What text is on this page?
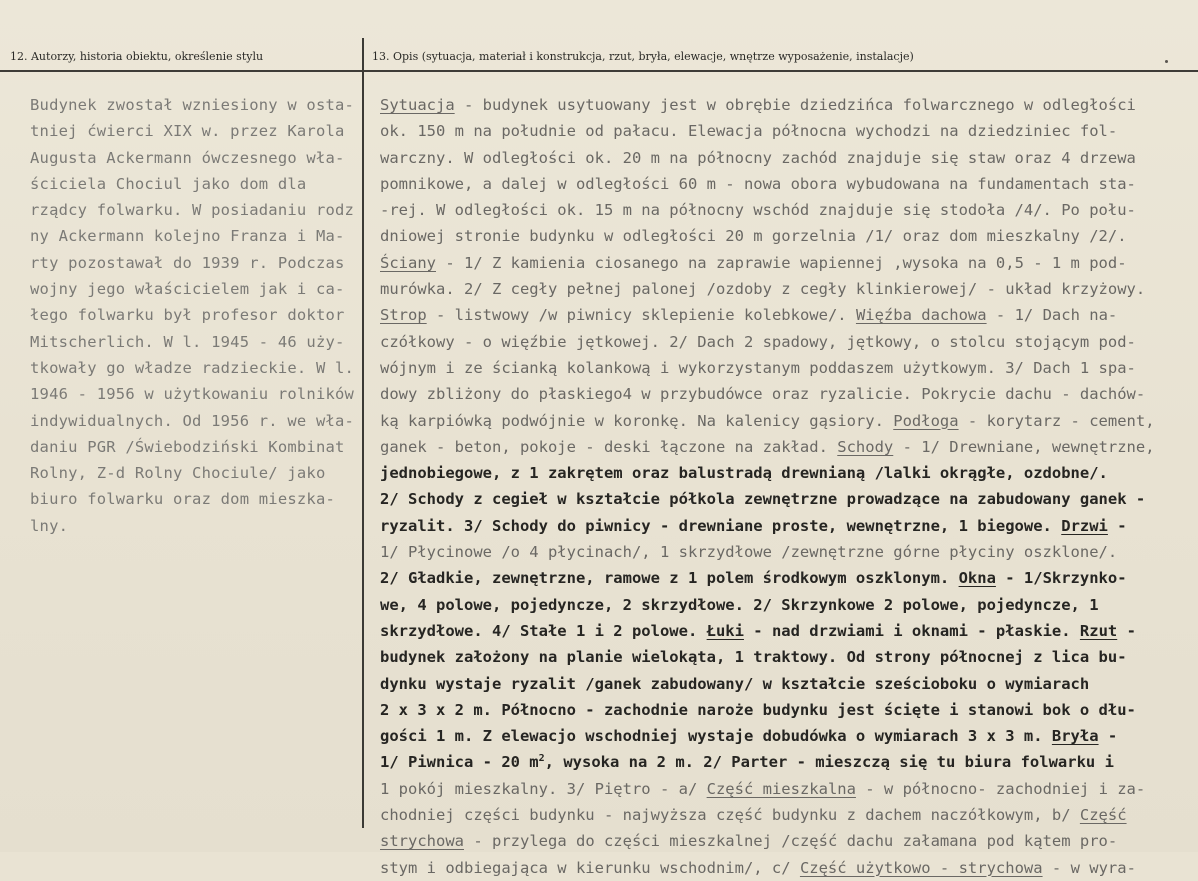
12. Autorzy, historia obiektu, określenie stylu	13. Opis (sytuacja, materiał i konstrukcja, rzut, bryła, elewacje, wnętrze wyposażenie, instalacje)
Budynek zwostał wzniesiony w osta-
tniej ćwierci XIX w. przez Karola
Augusta Ackermann ówczesnego wła-
ściciela Chociul jako dom dla
rządcy folwarku. W posiadaniu rodz
ny Ackermann kolejno Franza i Ma-
rty pozostawał do 1939 r. Podczas
wojny jego właścicielem jak i ca-
łego folwarku był profesor doktor
Mitscherlich. W l. 1945 - 46 uży-
tkowały go władze radzieckie. W l.
1946 - 1956 w użytkowaniu rolników
indywidualnych. Od 1956 r. we wła-
daniu PGR /Świebodziński Kombinat
Rolny, Z-d Rolny Chociule/ jako
biuro folwarku oraz dom mieszka-
lny.
Sytuacja - budynek usytuowany jest w obrębie dziedzińca folwarcznego w odległości
ok. 150 m na południe od pałacu. Elewacja północna wychodzi na dziedziniec fol-
warczny. W odległości ok. 20 m na północny zachód znajduje się staw oraz 4 drzewa
pomnikowe, a dalej w odległości 60 m - nowa obora wybudowana na fundamentach sta-
-rej. W odległości ok. 15 m na północny wschód znajduje się stodoła /4/. Po połu-
dniowej stronie budynku w odległości 20 m gorzelnia /1/ oraz dom mieszkalny /2/.
Ściany - 1/ Z kamienia ciosanego na zaprawie wapiennej ,wysoka na 0,5 - 1 m pod-
murówka. 2/ Z cegły pełnej palonej /ozdoby z cegły klinkierowej/ - układ krzyżowy.
Strop - listwowy /w piwnicy sklepienie kolebkowe/. Więźba dachowa - 1/ Dach na-
czółkowy - o więźbie jętkowej. 2/ Dach 2 spadowy, jętkowy, o stolcu stojącym pod-
wójnym i ze ścianką kolankową i wykorzystanym poddaszem użytkowym. 3/ Dach 1 spa-
dowy zbliżony do płaskiego4 w przybudówce oraz ryzalicie. Pokrycie dachu - dachów-
ką karpiówką podwójnie w koronkę. Na kalenicy gąsiory. Podłoga - korytarz - cement,
ganek - beton, pokoje - deski łączone na zakład. Schody - 1/ Drewniane, wewnętrzne,
jednobiegowe, z 1 zakrętem oraz balustradą drewnianą /lalki okrągłe, ozdobne/.
2/ Schody z cegieł w kształcie półkola zewnętrzne prowadzące na zabudowany ganek -
ryzalit. 3/ Schody do piwnicy - drewniane proste, wewnętrzne, 1 biegowe. Drzwi -
1/ Płycinowe /o 4 płycinach/, 1 skrzydłowe /zewnętrzne górne płyciny oszklone/.
2/ Gładkie, zewnętrzne, ramowe z 1 polem środkowym oszklonym. Okna - 1/Skrzynko-
we, 4 polowe, pojedyncze, 2 skrzydłowe. 2/ Skrzynkowe 2 polowe, pojedyncze, 1
skrzydłowe. 4/ Stałe 1 i 2 polowe. Łuki - nad drzwiami i oknami - płaskie. Rzut -
budynek założony na planie wielokąta, 1 traktowy. Od strony północnej z lica bu-
dynku wystaje ryzalit /ganek zabudowany/ w kształcie sześcioboku o wymiarach
2 x 3 x 2 m. Północno - zachodnie naroże budynku jest ścięte i stanowi bok o dłu-
gości 1 m. Z elewacjo wschodniej wystaje dobudówka o wymiarach 3 x 3 m. Bryła -
1/ Piwnica - 20 $m^2$, wysoka na 2 m. 2/ Parter - mieszczą się tu biura folwarku i
1 pokój mieszkalny. 3/ Piętro - a/ Część mieszkalna - w północno- zachodniej i za-
chodniej części budynku - najwyższa część budynku z dachem naczółkowym, b/ Część
strychowa - przylega do części mieszkalnej /część dachu załamana pod kątem pro-
stym i odbiegająca w kierunku wschodnim/, c/ Część użytkowo - strychowa - w wyra-
